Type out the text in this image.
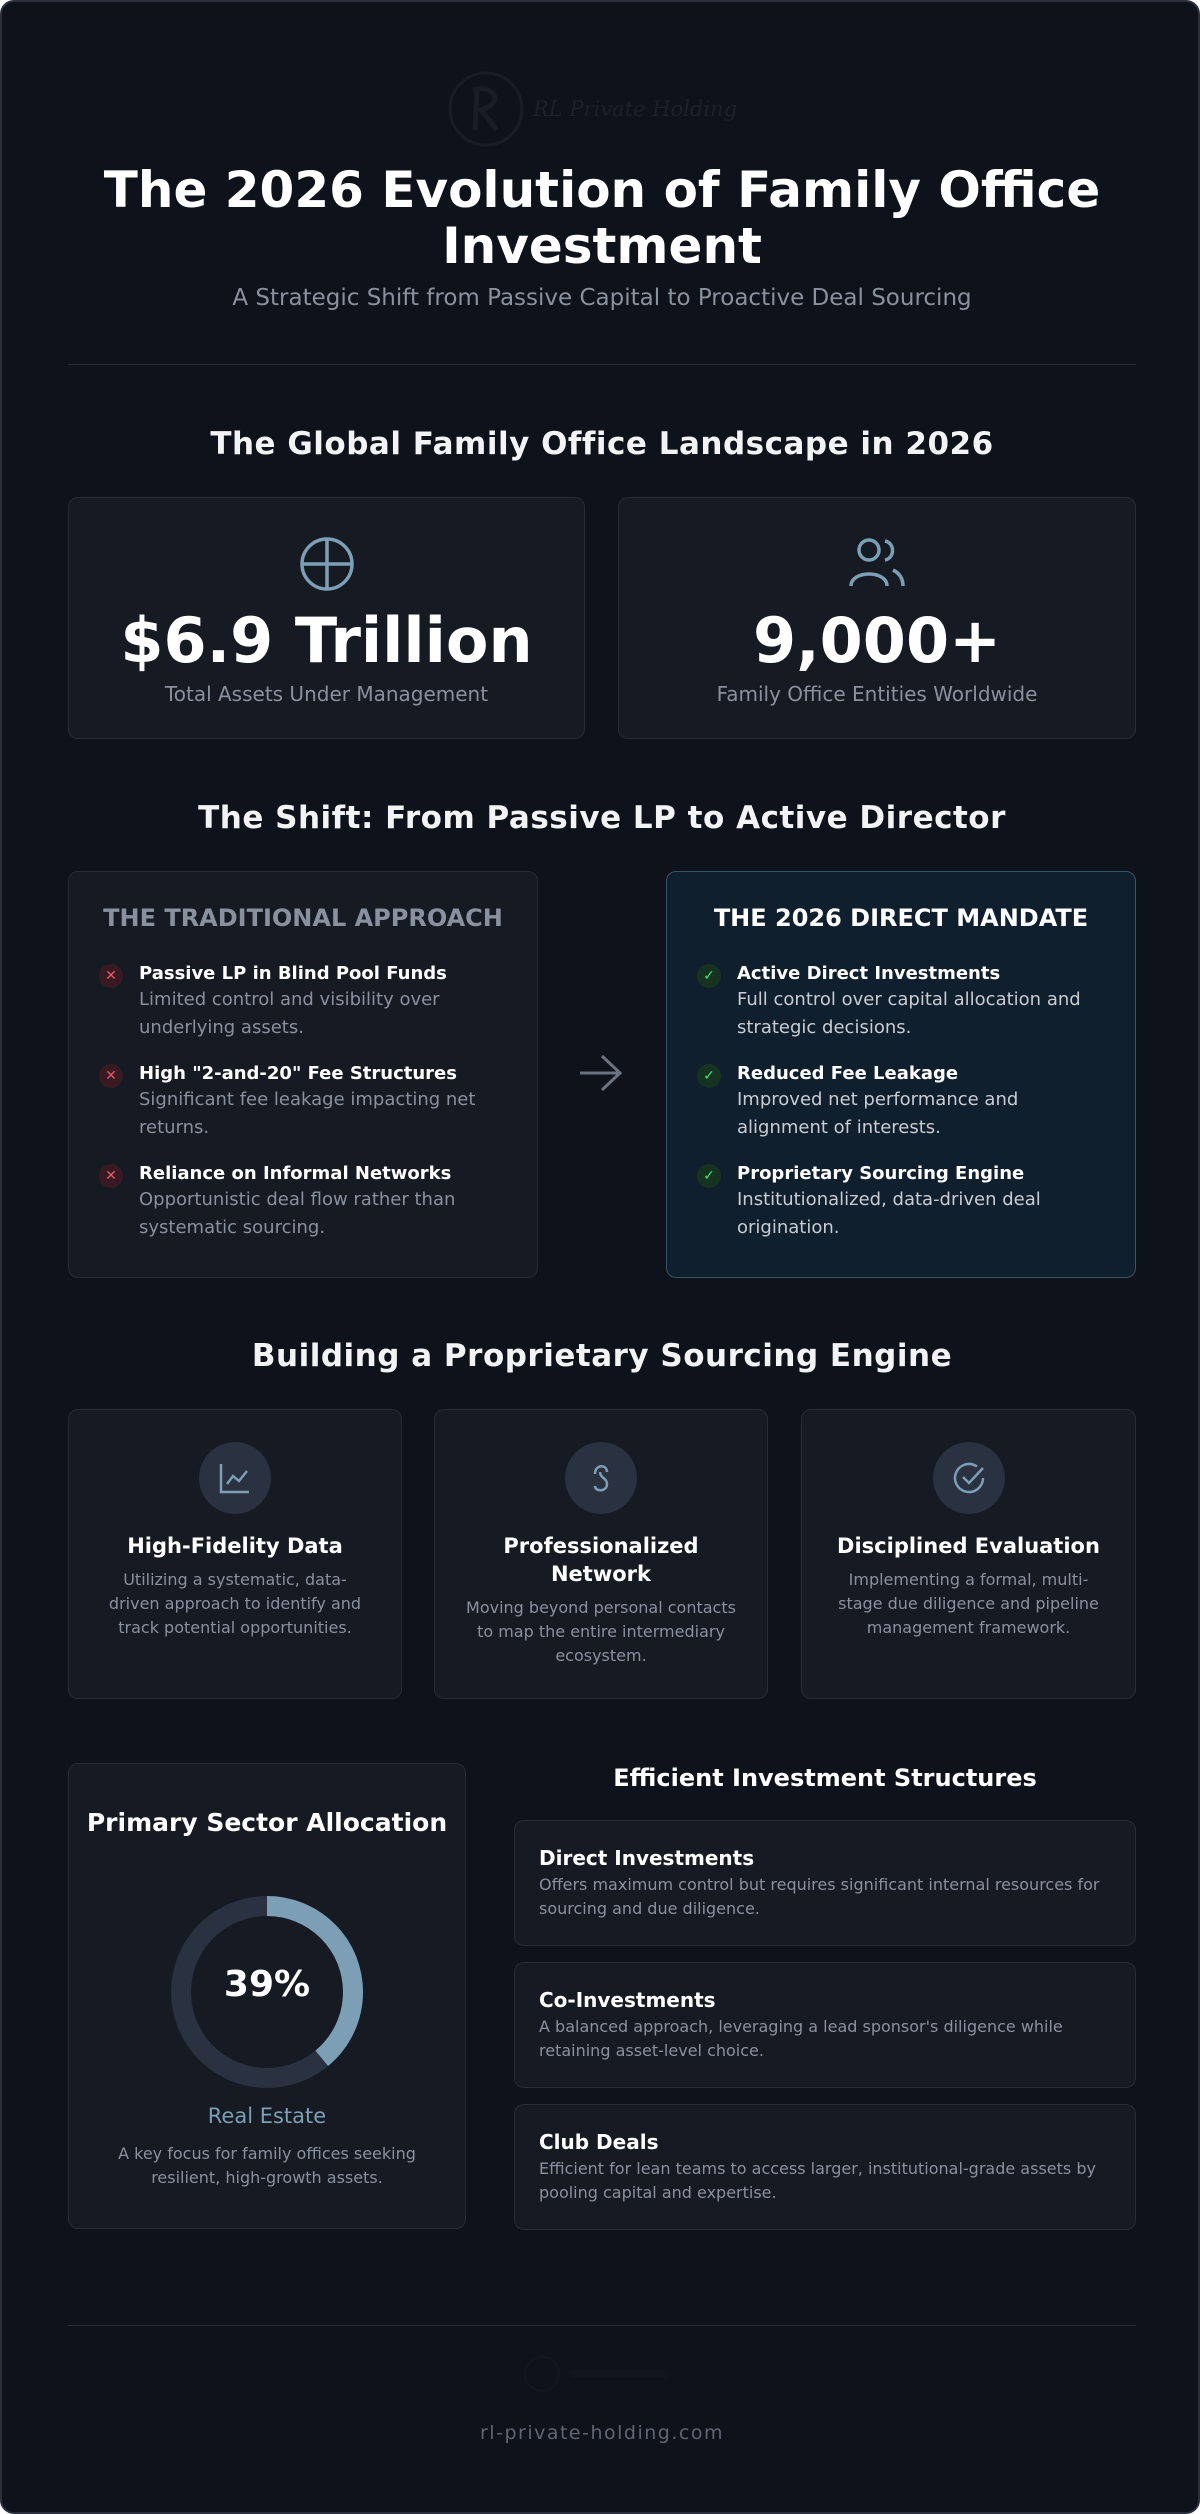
RL Private Holding
The 2026 Evolution of Family Office Investment
A Strategic Shift from Passive Capital to Proactive Deal Sourcing
The Global Family Office Landscape in 2026
$6.9 Trillion
Total Assets Under Management
9,000+
Family Office Entities Worldwide
The Shift: From Passive LP to Active Director
THE TRADITIONAL APPROACH
✕	Passive LP in Blind Pool Funds
Limited control and visibility over underlying assets.
✕	High "2-and-20" Fee Structures
Significant fee leakage impacting net returns.
✕	Reliance on Informal Networks
Opportunistic deal flow rather than systematic sourcing.
THE 2026 DIRECT MANDATE
✓	Active Direct Investments
Full control over capital allocation and strategic decisions.
✓	Reduced Fee Leakage
Improved net performance and alignment of interests.
✓	Proprietary Sourcing Engine
Institutionalized, data-driven deal origination.
Building a Proprietary Sourcing Engine
High-Fidelity Data
Utilizing a systematic, data-driven approach to identify and track potential opportunities.
Professionalized Network
Moving beyond personal contacts to map the entire intermediary ecosystem.
Disciplined Evaluation
Implementing a formal, multi-stage due diligence and pipeline management framework.
Primary Sector Allocation
39%
Real Estate
A key focus for family offices seeking resilient, high-growth assets.
Efficient Investment Structures
Direct Investments
Offers maximum control but requires significant internal resources for sourcing and due diligence.
Co-Investments
A balanced approach, leveraging a lead sponsor's diligence while retaining asset-level choice.
Club Deals
Efficient for lean teams to access larger, institutional-grade assets by pooling capital and expertise.
rl-private-holding.com
